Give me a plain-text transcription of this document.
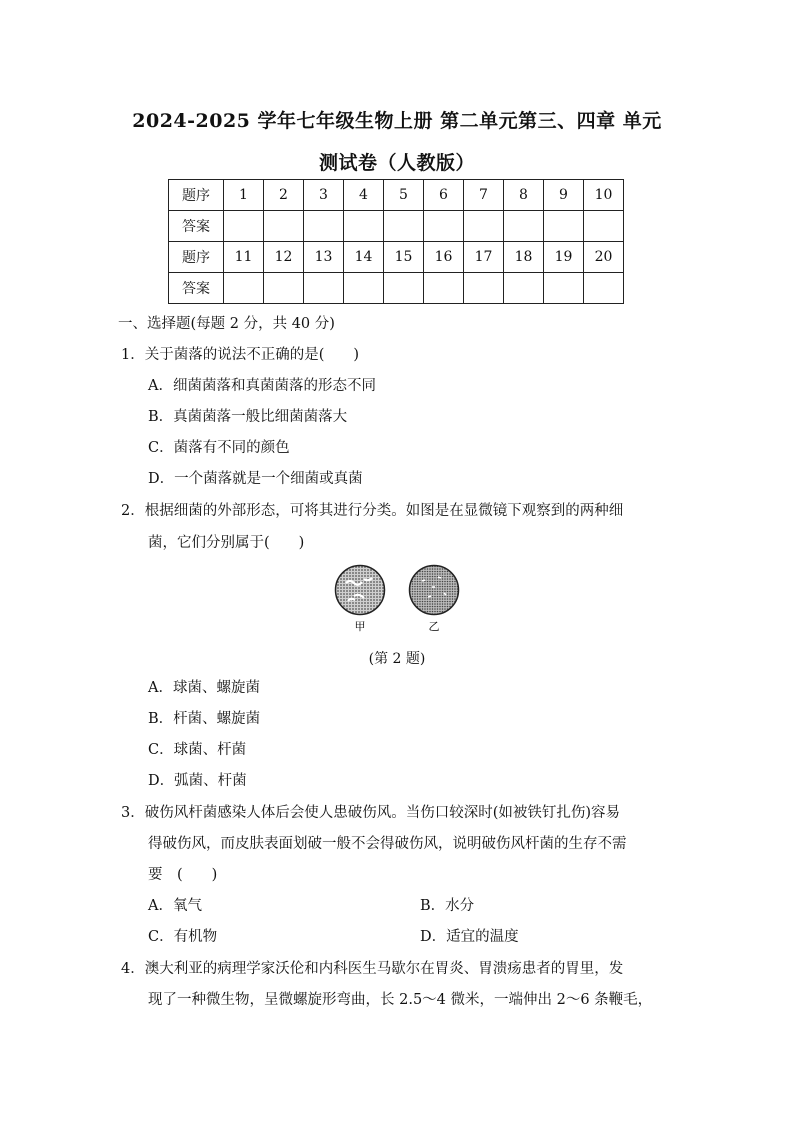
2024-2025 学年七年级生物上册 第二单元第三、四章 单元
测试卷（人教版）
题序	1	2	3	4	5	6	7	8	9	10
答案										
题序	11	12	13	14	15	16	17	18	19	20
答案										
一、选择题(每题 2 分，共 40 分)
1．关于菌落的说法不正确的是(　　)
A．细菌菌落和真菌菌落的形态不同
B．真菌菌落一般比细菌菌落大
C．菌落有不同的颜色
D．一个菌落就是一个细菌或真菌
2．根据细菌的外部形态，可将其进行分类。如图是在显微镜下观察到的两种细
菌，它们分别属于(　　)
甲	乙
(第 2 题)
A．球菌、螺旋菌
B．杆菌、螺旋菌
C．球菌、杆菌
D．弧菌、杆菌
3．破伤风杆菌感染人体后会使人患破伤风。当伤口较深时(如被铁钉扎伤)容易
得破伤风，而皮肤表面划破一般不会得破伤风，说明破伤风杆菌的生存不需
要　(　　)
A．氧气	B．水分
C．有机物	D．适宜的温度
4．澳大利亚的病理学家沃伦和内科医生马歇尔在胃炎、胃溃疡患者的胃里，发
现了一种微生物，呈微螺旋形弯曲，长 2.5～4 微米，一端伸出 2～6 条鞭毛，
